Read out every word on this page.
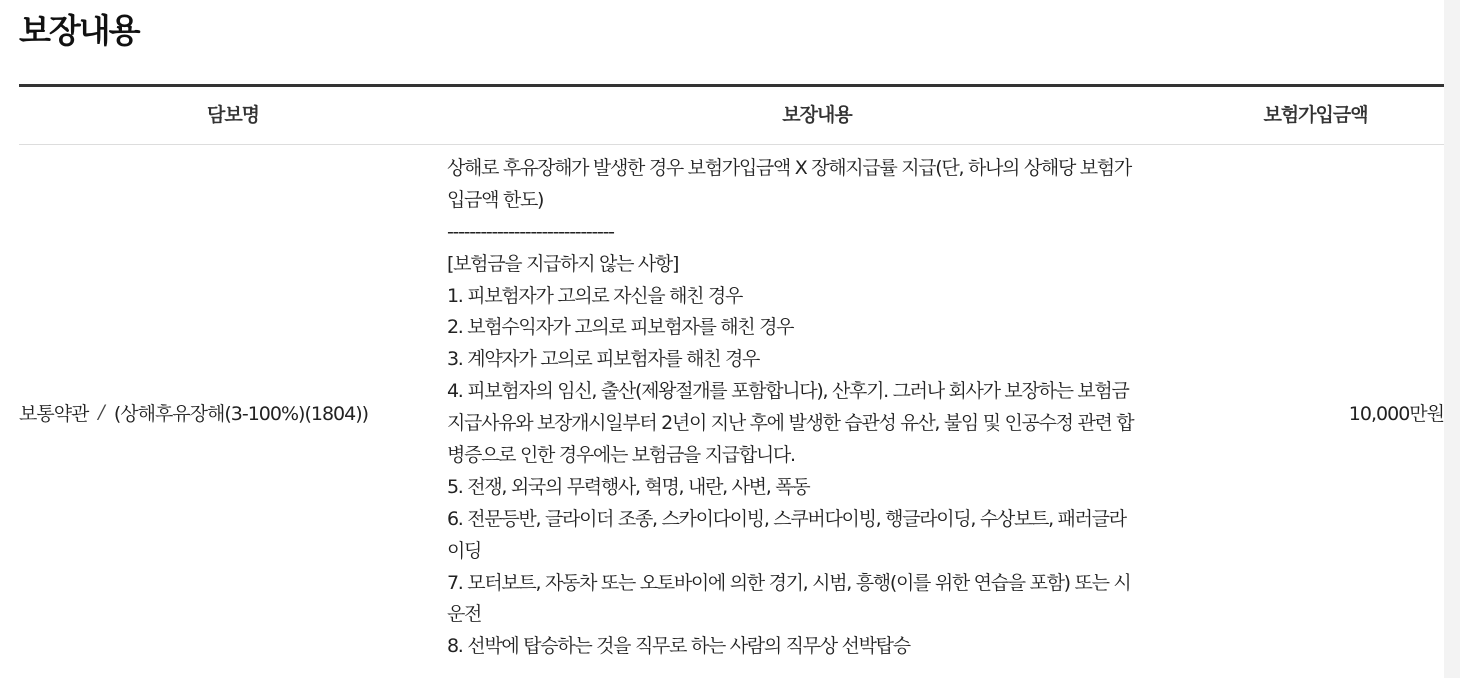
보장내용
담보명	보장내용	보험가입금액
보통약관 / (상해후유장해(3-100%)(1804))
상해로 후유장해가 발생한 경우 보험가입금액 X 장해지급률 지급(단, 하나의 상해당 보험가
입금액 한도)
------------------------------
[보험금을 지급하지 않는 사항]
1. 피보험자가 고의로 자신을 해친 경우
2. 보험수익자가 고의로 피보험자를 해친 경우
3. 계약자가 고의로 피보험자를 해친 경우
4. 피보험자의 임신, 출산(제왕절개를 포함합니다), 산후기. 그러나 회사가 보장하는 보험금
지급사유와 보장개시일부터 2년이 지난 후에 발생한 습관성 유산, 불임 및 인공수정 관련 합
병증으로 인한 경우에는 보험금을 지급합니다.
5. 전쟁, 외국의 무력행사, 혁명, 내란, 사변, 폭동
6. 전문등반, 글라이더 조종, 스카이다이빙, 스쿠버다이빙, 행글라이딩, 수상보트, 패러글라
이딩
7. 모터보트, 자동차 또는 오토바이에 의한 경기, 시범, 흥행(이를 위한 연습을 포함) 또는 시
운전
8. 선박에 탑승하는 것을 직무로 하는 사람의 직무상 선박탑승
10,000만원
